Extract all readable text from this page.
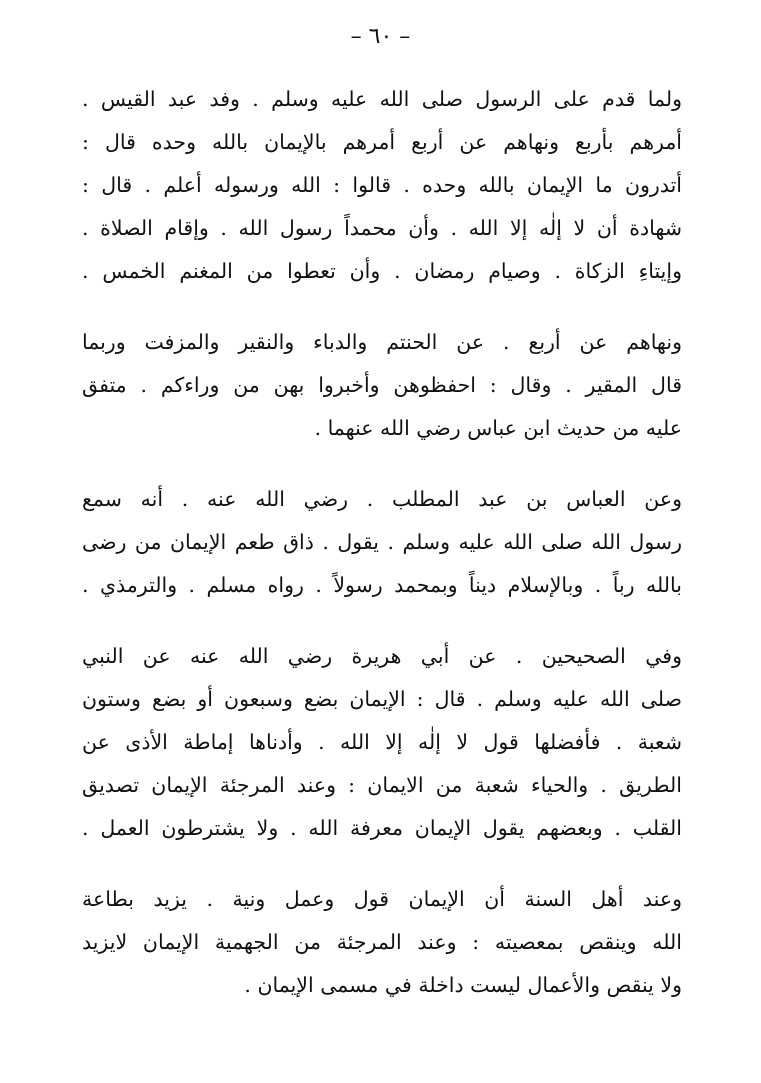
– ٦٠ –
ولما قدم على الرسول صلى الله عليه وسلم . وفد عبد القيس .
أمرهم بأربع ونهاهم عن أربع أمرهم بالإيمان بالله وحده قال :
أتدرون ما الإيمان بالله وحده . قالوا : الله ورسوله أعلم . قال :
شهادة أن لا إلٰه إلا الله . وأن محمداً رسول الله . وإقام الصلاة .
وإيتاءِ الزكاة . وصيام رمضان . وأن تعطوا من المغنم الخمس .
ونهاهم عن أربع . عن الحنتم والدباء والنقير والمزفت وربما
قال المقير . وقال : احفظوهن وأخبروا بهن من وراءكم . متفق
عليه من حديث ابن عباس رضي الله عنهما .
وعن العباس بن عبد المطلب . رضي الله عنه . أنه سمع
رسول الله صلى الله عليه وسلم . يقول . ذاق طعم الإيمان من رضى
بالله رباً . وبالإسلام ديناً وبمحمد رسولاً . رواه مسلم . والترمذي .
وفي الصحيحين . عن أبي هريرة رضي الله عنه عن النبي
صلى الله عليه وسلم . قال : الإيمان بضع وسبعون أو بضع وستون
شعبة . فأفضلها قول لا إلٰه إلا الله . وأدناها إماطة الأذى عن
الطريق . والحياء شعبة من الايمان : وعند المرجئة الإيمان تصديق
القلب . وبعضهم يقول الإيمان معرفة الله . ولا يشترطون العمل .
وعند أهل السنة أن الإيمان قول وعمل ونية . يزيد بطاعة
الله وينقص بمعصيته : وعند المرجئة من الجهمية الإيمان لايزيد
ولا ينقص والأعمال ليست داخلة في مسمى الإيمان .
